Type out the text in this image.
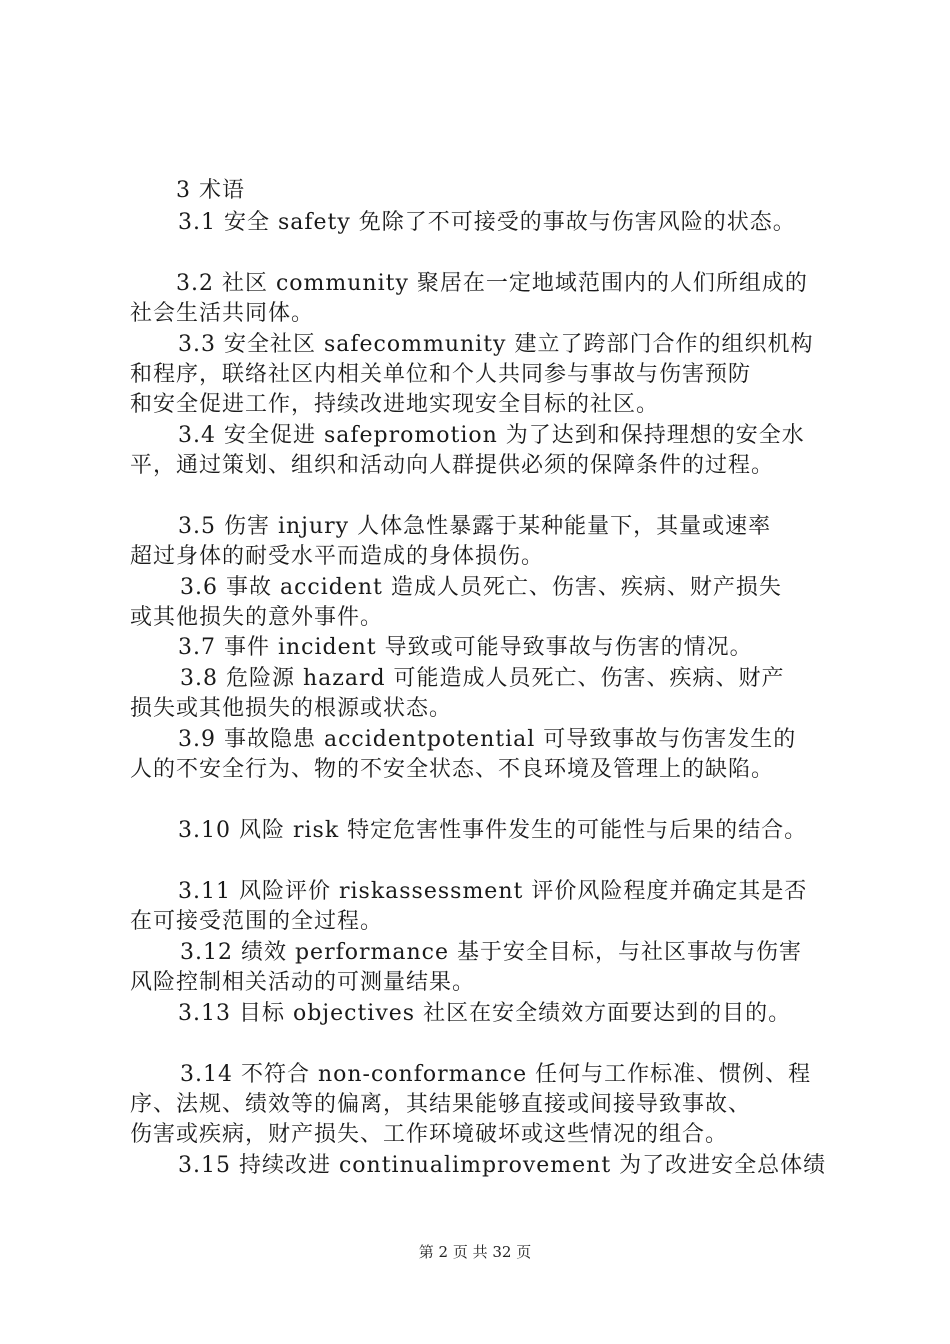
3 术语
3.1 安全 safety 免除了不可接受的事故与伤害风险的状态。
3.2 社区 community 聚居在一定地域范围内的人们所组成的
社会生活共同体。
3.3 安全社区 safecommunity 建立了跨部门合作的组织机构
和程序，联络社区内相关单位和个人共同参与事故与伤害预防
和安全促进工作，持续改进地实现安全目标的社区。
3.4 安全促进 safepromotion 为了达到和保持理想的安全水
平，通过策划、组织和活动向人群提供必须的保障条件的过程。
3.5 伤害 injury 人体急性暴露于某种能量下，其量或速率
超过身体的耐受水平而造成的身体损伤。
3.6 事故 accident 造成人员死亡、伤害、疾病、财产损失
或其他损失的意外事件。
3.7 事件 incident 导致或可能导致事故与伤害的情况。
3.8 危险源 hazard 可能造成人员死亡、伤害、疾病、财产
损失或其他损失的根源或状态。
3.9 事故隐患 accidentpotential 可导致事故与伤害发生的
人的不安全行为、物的不安全状态、不良环境及管理上的缺陷。
3.10 风险 risk 特定危害性事件发生的可能性与后果的结合。
3.11 风险评价 riskassessment 评价风险程度并确定其是否
在可接受范围的全过程。
3.12 绩效 performance 基于安全目标，与社区事故与伤害
风险控制相关活动的可测量结果。
3.13 目标 objectives 社区在安全绩效方面要达到的目的。
3.14 不符合 non-conformance 任何与工作标准、惯例、程
序、法规、绩效等的偏离，其结果能够直接或间接导致事故、
伤害或疾病，财产损失、工作环境破坏或这些情况的组合。
3.15 持续改进 continualimprovement 为了改进安全总体绩
第 2 页 共 32 页
